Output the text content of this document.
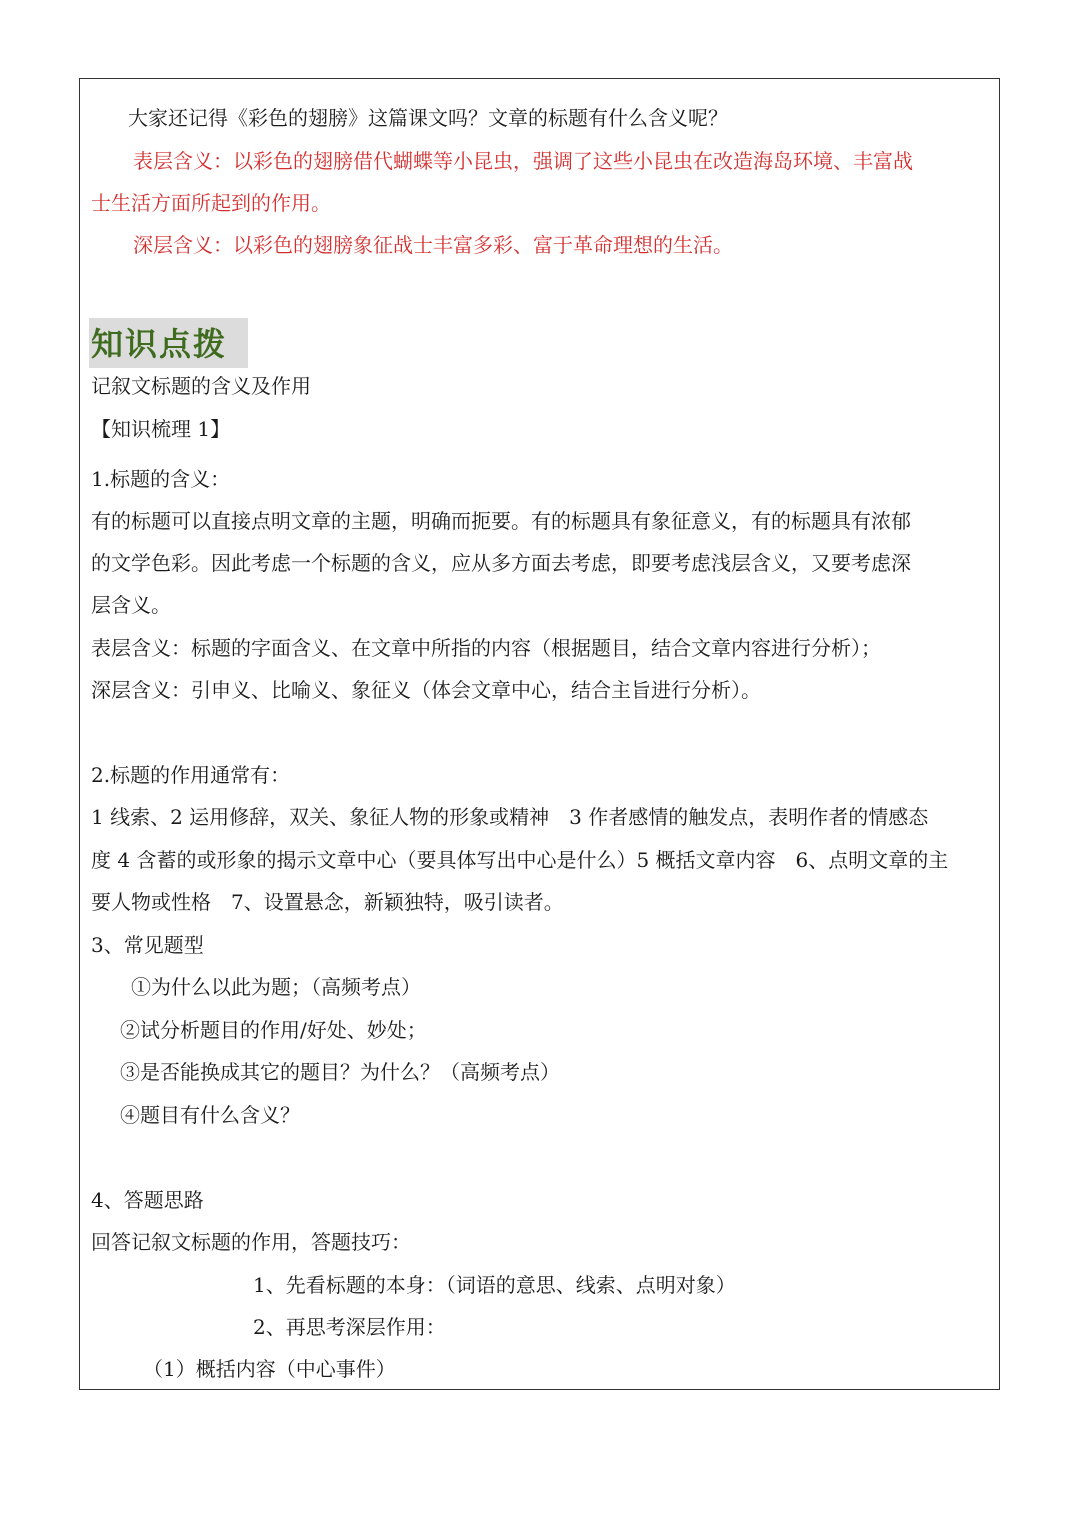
大家还记得《彩色的翅膀》这篇课文吗？文章的标题有什么含义呢？
表层含义：以彩色的翅膀借代蝴蝶等小昆虫，强调了这些小昆虫在改造海岛环境、丰富战
士生活方面所起到的作用。
深层含义：以彩色的翅膀象征战士丰富多彩、富于革命理想的生活。
知识点拨
记叙文标题的含义及作用
【知识梳理 1】
1.标题的含义：
有的标题可以直接点明文章的主题，明确而扼要。有的标题具有象征意义，有的标题具有浓郁
的文学色彩。因此考虑一个标题的含义，应从多方面去考虑，即要考虑浅层含义，又要考虑深
层含义。
表层含义：标题的字面含义、在文章中所指的内容（根据题目，结合文章内容进行分析）；
深层含义：引申义、比喻义、象征义（体会文章中心，结合主旨进行分析）。
2.标题的作用通常有：
1 线索、2 运用修辞，双关、象征人物的形象或精神　3 作者感情的触发点，表明作者的情感态
度 4 含蓄的或形象的揭示文章中心（要具体写出中心是什么）5 概括文章内容　6、点明文章的主
要人物或性格　7、设置悬念，新颖独特，吸引读者。
3、常见题型
①为什么以此为题；（高频考点）
②试分析题目的作用/好处、妙处；
③是否能换成其它的题目？为什么？（高频考点）
④题目有什么含义？
4、答题思路
回答记叙文标题的作用，答题技巧：
1、先看标题的本身：（词语的意思、线索、点明对象）
2、再思考深层作用：
（1）概括内容（中心事件）
